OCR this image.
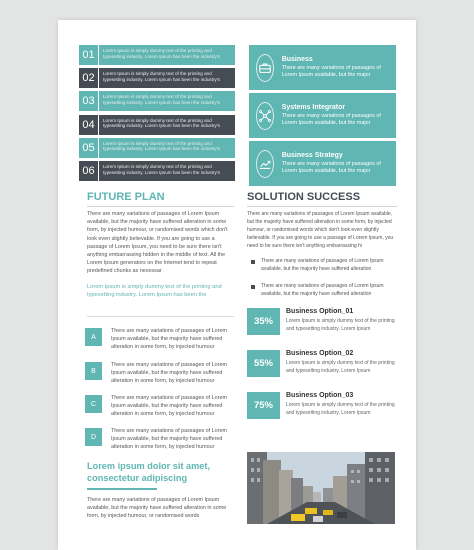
01	Lorem Ipsum is simply dummy text of the printing and typesetting industry. Lorem Ipsum has been the industry's
02	Lorem Ipsum is simply dummy text of the printing and typesetting industry. Lorem Ipsum has been the industry's
03	Lorem Ipsum is simply dummy text of the printing and typesetting industry. Lorem Ipsum has been the industry's
04	Lorem Ipsum is simply dummy text of the printing and typesetting industry. Lorem Ipsum has been the industry's
05	Lorem Ipsum is simply dummy text of the printing and typesetting industry. Lorem Ipsum has been the industry's
06	Lorem Ipsum is simply dummy text of the printing and typesetting industry. Lorem Ipsum has been the industry's
Business
There are many variations of passages of Lorem Ipsum available, but the major
Systems Integrator
There are many variations of passages of Lorem Ipsum available, but the major
Business Strategy
There are many variations of passages of Lorem Ipsum available, but the major
FUTURE PLAN
There are many variations of passages of Lorem Ipsum available, but the majority have suffered alteration in some form, by injected humour, or randomised words which don't look even slightly believable. If you are going to use a passage of Lorem Ipsum, you need to be sure there isn't anything embarrassing hidden in the middle of text. All the Lorem Ipsum generators on the Internet tend to repeat predefined chunks as necessar
Lorem Ipsum is simply dummy text of the printing and typesetting industry. Lorem Ipsum has been the
A
There are many variations of passages of Lorem Ipsum available, but the majority have suffered alteration in some form, by injected humour
B
There are many variations of passages of Lorem Ipsum available, but the majority have suffered alteration in some form, by injected humour
C
There are many variations of passages of Lorem Ipsum available, but the majority have suffered alteration in some form, by injected humour
D
There are many variations of passages of Lorem Ipsum available, but the majority have suffered alteration in some form, by injected humour
Lorem ipsum dolor sit amet, consectetur adipiscing
There are many variations of passages of Lorem Ipsum available, but the majority have suffered alteration in some form, by injected humour, or randomised words
SOLUTION SUCCESS
There are many variations of passages of Lorem Ipsum available, but the majority have suffered alteration in some form, by injected humour, or randomised words which don't look even slightly believable. If you are going to use a passage of Lorem Ipsum, you need to be sure there isn't anything embarrassing hi
There are many variations of passages of Lorem Ipsum available, but the majority have suffered alteration
There are many variations of passages of Lorem Ipsum available, but the majority have suffered alteration
35%
Business Option_01
Lorem Ipsum is simply dummy text of the printing and typesetting industry. Lorem Ipsum
55%
Business Option_02
Lorem Ipsum is simply dummy text of the printing and typesetting industry. Lorem Ipsum
75%
Business Option_03
Lorem Ipsum is simply dummy text of the printing and typesetting industry. Lorem Ipsum
